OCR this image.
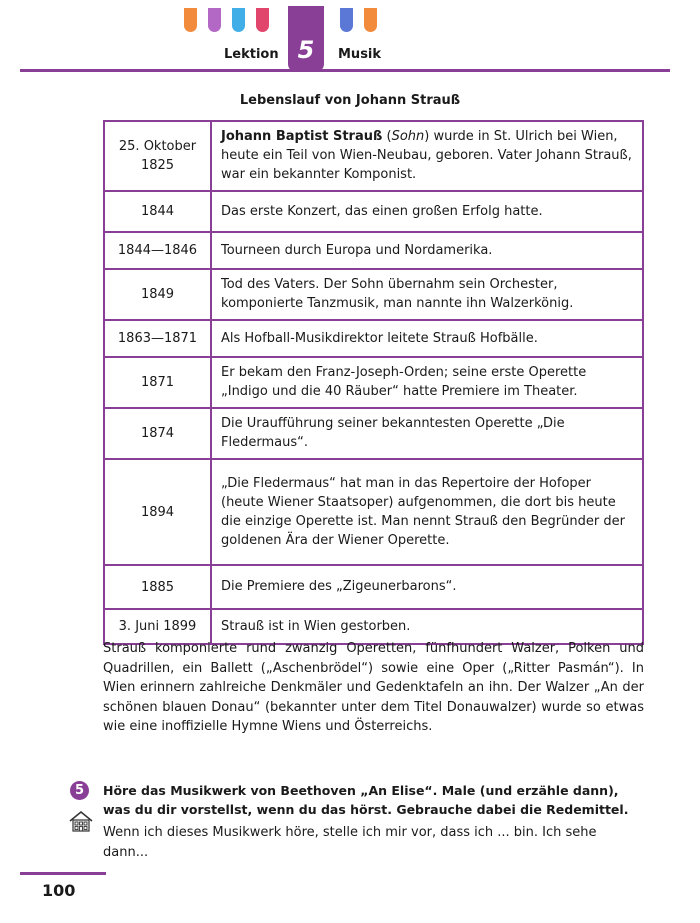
Lektion 5 Musik
Lebenslauf von Johann Strauß
25. Oktober 1825	Johann Baptist Strauß (Sohn) wurde in St. Ulrich bei Wien, heute ein Teil von Wien-Neubau, geboren. Vater Johann Strauß, war ein bekannter Komponist.
1844	Das erste Konzert, das einen großen Erfolg hatte.
1844—1846	Tourneen durch Europa und Nordamerika.
1849	Tod des Vaters. Der Sohn übernahm sein Orchester, komponierte Tanzmusik, man nannte ihn Walzerkönig.
1863—1871	Als Hofball-Musikdirektor leitete Strauß Hofbälle.
1871	Er bekam den Franz-Joseph-Orden; seine erste Operette „Indigo und die 40 Räuber“ hatte Premiere im Theater.
1874	Die Uraufführung seiner bekanntesten Operette „Die Fledermaus“.
1894	„Die Fledermaus“ hat man in das Repertoire der Hofoper (heute Wiener Staatsoper) aufgenommen, die dort bis heute die einzige Operette ist. Man nennt Strauß den Begründer der goldenen Ära der Wiener Operette.
1885	Die Premiere des „Zigeunerbarons“.
3. Juni 1899	Strauß ist in Wien gestorben.

Strauß komponierte rund zwanzig Operetten, fünfhundert Walzer, Polken und Quadrillen, ein Ballett („Aschenbrödel“) sowie eine Oper („Ritter Pasmán“). In Wien erinnern zahlreiche Denkmäler und Gedenktafeln an ihn. Der Walzer „An der schönen blauen Donau“ (bekannter unter dem Titel Donauwalzer) wurde so etwas wie eine inoffizielle Hymne Wiens und Österreichs.

5 Höre das Musikwerk von Beethoven „An Elise“. Male (und erzähle dann), was du dir vorstellst, wenn du das hörst. Gebrauche dabei die Redemittel.

Wenn ich dieses Musikwerk höre, stelle ich mir vor, dass ich ... bin. Ich sehe dann...

100
